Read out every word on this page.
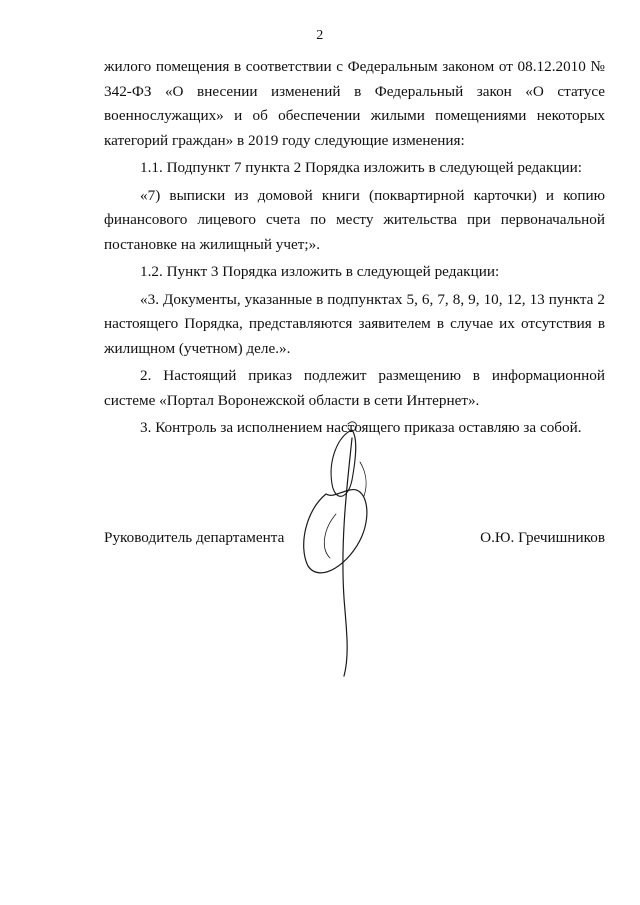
2

жилого помещения в соответствии с Федеральным законом от 08.12.2010 № 342-ФЗ «О внесении изменений в Федеральный закон «О статусе военнослужащих» и об обеспечении жилыми помещениями некоторых категорий граждан» в 2019 году следующие изменения:

1.1. Подпункт 7 пункта 2 Порядка изложить в следующей редакции:

«7) выписки из домовой книги (поквартирной карточки) и копию финансового лицевого счета по месту жительства при первоначальной постановке на жилищный учет;».

1.2. Пункт 3 Порядка изложить в следующей редакции:

«3. Документы, указанные в подпунктах 5, 6, 7, 8, 9, 10, 12, 13 пункта 2 настоящего Порядка, представляются заявителем в случае их отсутствия в жилищном (учетном) деле.».

2. Настоящий приказ подлежит размещению в информационной системе «Портал Воронежской области в сети Интернет».

3. Контроль за исполнением настоящего приказа оставляю за собой.

Руководитель департамента	О.Ю. Гречишников
